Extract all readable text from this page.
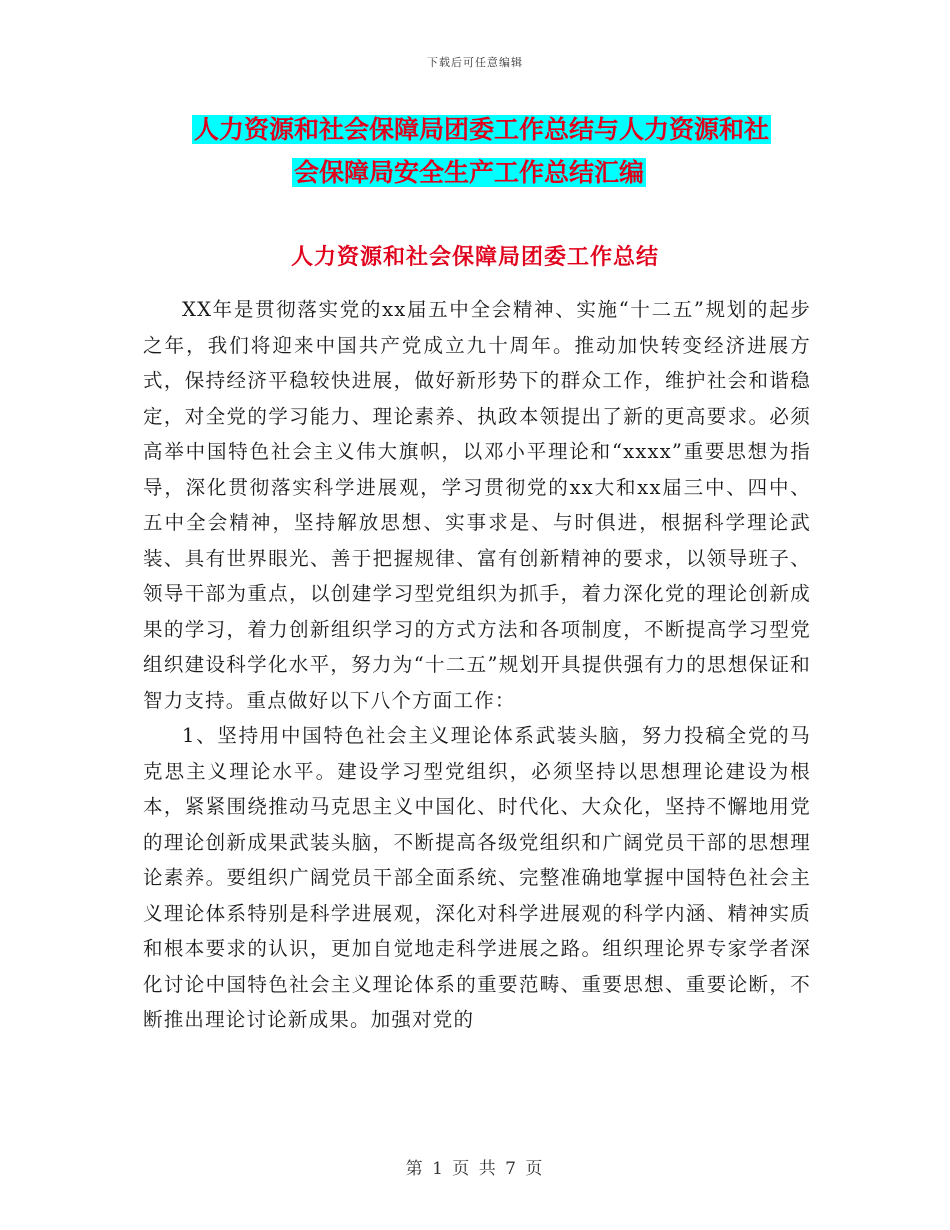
下载后可任意编辑
人力资源和社会保障局团委工作总结与人力资源和社
会保障局安全生产工作总结汇编
人力资源和社会保障局团委工作总结

XX年是贯彻落实党的xx届五中全会精神、实施“十二五”规划的起步之年，我们将迎来中国共产党成立九十周年。推动加快转变经济进展方式，保持经济平稳较快进展，做好新形势下的群众工作，维护社会和谐稳定，对全党的学习能力、理论素养、执政本领提出了新的更高要求。必须高举中国特色社会主义伟大旗帜，以邓小平理论和“xxxx”重要思想为指导，深化贯彻落实科学进展观，学习贯彻党的xx大和xx届三中、四中、五中全会精神，坚持解放思想、实事求是、与时俱进，根据科学理论武装、具有世界眼光、善于把握规律、富有创新精神的要求，以领导班子、领导干部为重点，以创建学习型党组织为抓手，着力深化党的理论创新成果的学习，着力创新组织学习的方式方法和各项制度，不断提高学习型党组织建设科学化水平，努力为“十二五”规划开具提供强有力的思想保证和智力支持。重点做好以下八个方面工作：

1、坚持用中国特色社会主义理论体系武装头脑，努力投稿全党的马克思主义理论水平。建设学习型党组织，必须坚持以思想理论建设为根本，紧紧围绕推动马克思主义中国化、时代化、大众化，坚持不懈地用党的理论创新成果武装头脑，不断提高各级党组织和广阔党员干部的思想理论素养。要组织广阔党员干部全面系统、完整准确地掌握中国特色社会主义理论体系特别是科学进展观，深化对科学进展观的科学内涵、精神实质和根本要求的认识，更加自觉地走科学进展之路。组织理论界专家学者深化讨论中国特色社会主义理论体系的重要范畴、重要思想、重要论断，不断推出理论讨论新成果。加强对党的

第 1 页 共 7 页
